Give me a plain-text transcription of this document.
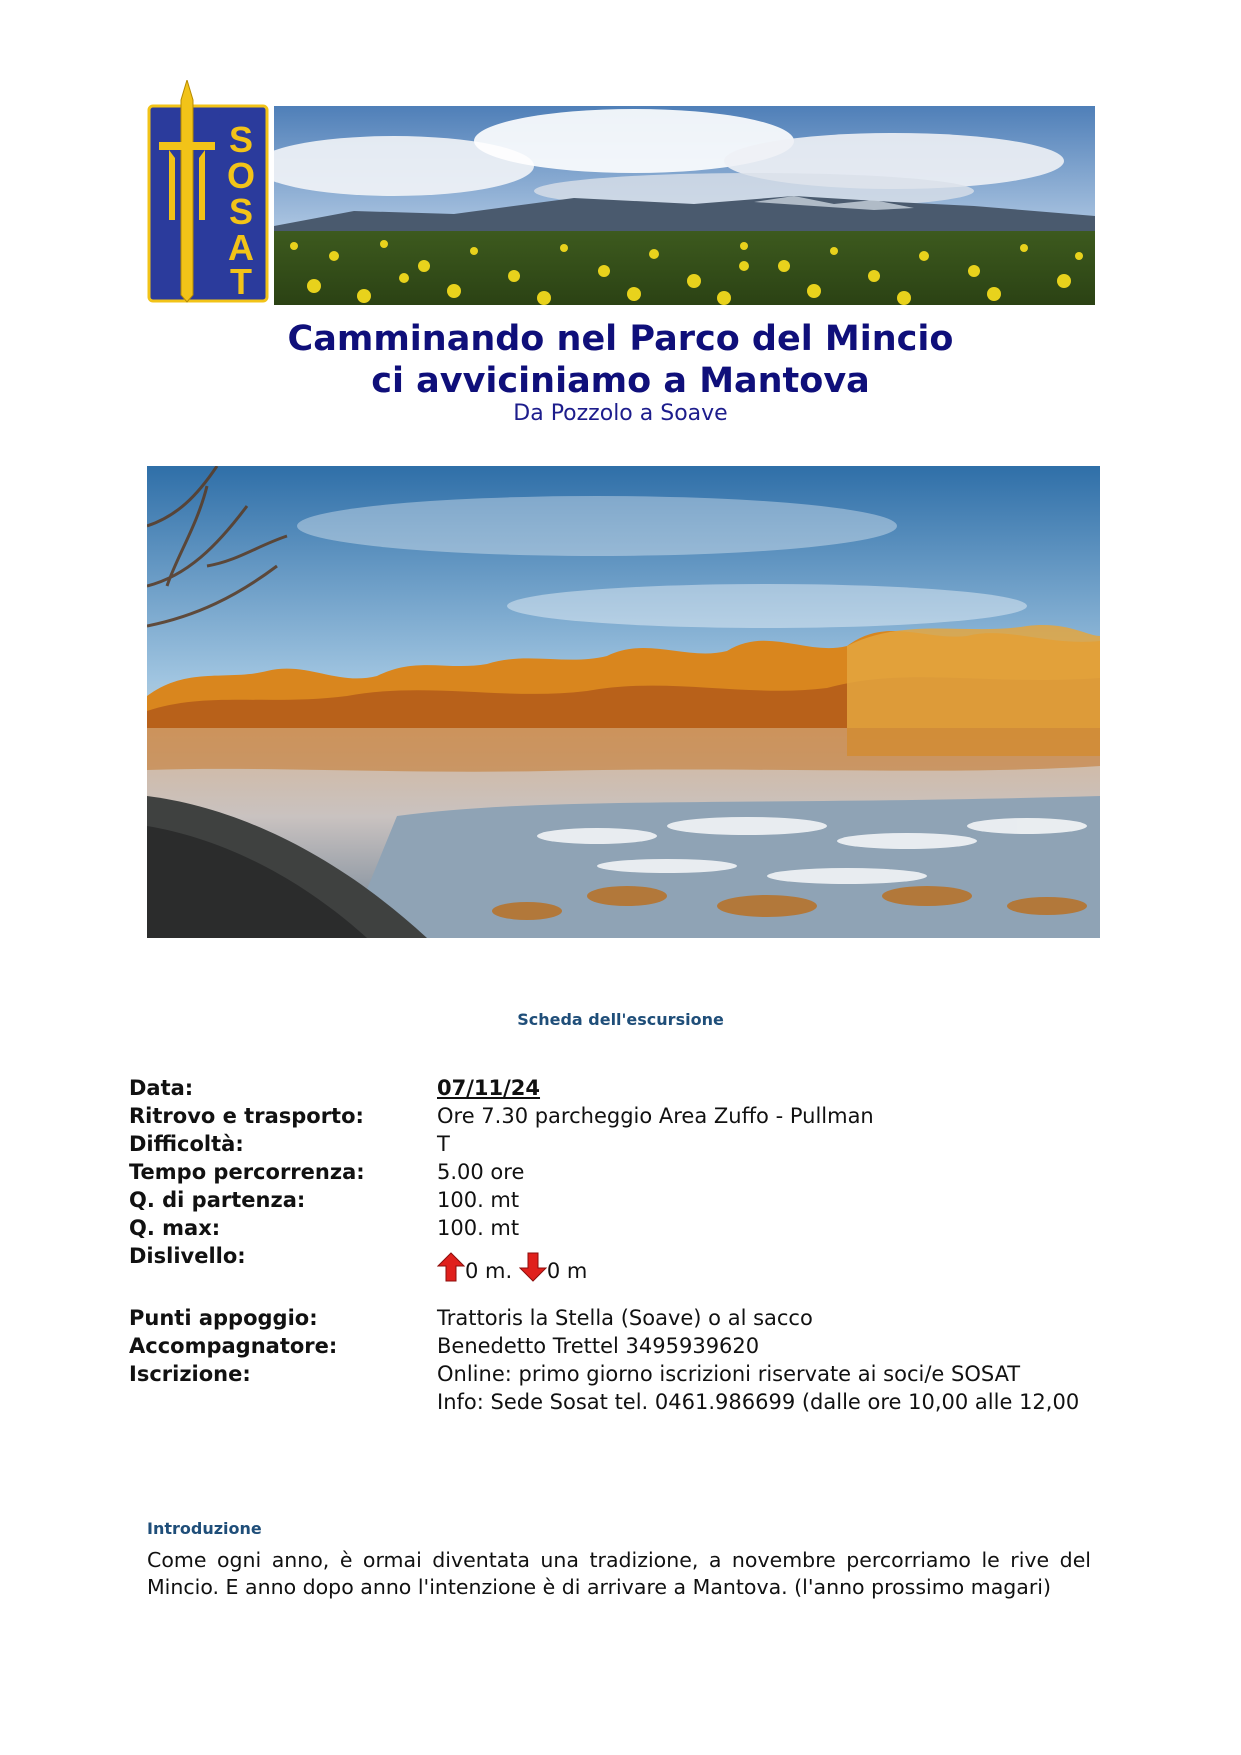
S
O
S
A
T
Camminando nel Parco del Mincio
ci avviciniamo a Mantova
Da Pozzolo a Soave
Scheda dell'escursione
Data:	07/11/24
Ritrovo e trasporto:	Ore 7.30 parcheggio Area Zuffo - Pullman
Difficoltà:	T
Tempo percorrenza:	5.00 ore
Q. di partenza:	100. mt
Q. max:	100. mt
Dislivello:
0 m. 0 m
Punti appoggio:	Trattoris la Stella (Soave) o al sacco
Accompagnatore:	Benedetto Trettel 3495939620
Iscrizione:	Online: primo giorno iscrizioni riservate ai soci/e SOSAT
Info: Sede Sosat tel. 0461.986699 (dalle ore 10,00 alle 12,00
Introduzione
Come ogni anno, è ormai diventata una tradizione, a novembre percorriamo le rive del Mincio. E anno dopo anno l'intenzione è di arrivare a Mantova. (l'anno prossimo magari)
